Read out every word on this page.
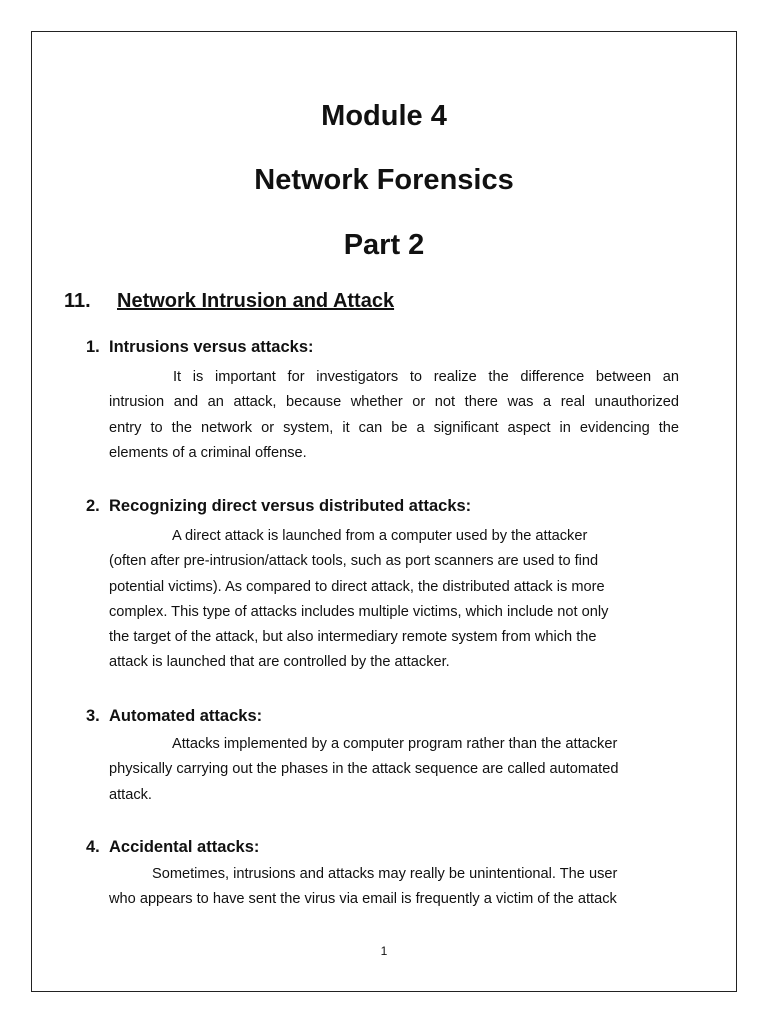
Module 4
Network Forensics
Part 2
11. Network Intrusion and Attack
1. Intrusions versus attacks:
It is important for investigators to realize the difference between an
intrusion and an attack, because whether or not there was a real unauthorized
entry to the network or system, it can be a significant aspect in evidencing the
elements of a criminal offense.
2. Recognizing direct versus distributed attacks:
A direct attack is launched from a computer used by the attacker
(often after pre-intrusion/attack tools, such as port scanners are used to find
potential victims). As compared to direct attack, the distributed attack is more
complex. This type of attacks includes multiple victims, which include not only
the target of the attack, but also intermediary remote system from which the
attack is launched that are controlled by the attacker.
3. Automated attacks:
Attacks implemented by a computer program rather than the attacker
physically carrying out the phases in the attack sequence are called automated
attack.
4. Accidental attacks:
Sometimes, intrusions and attacks may really be unintentional. The user
who appears to have sent the virus via email is frequently a victim of the attack
1
